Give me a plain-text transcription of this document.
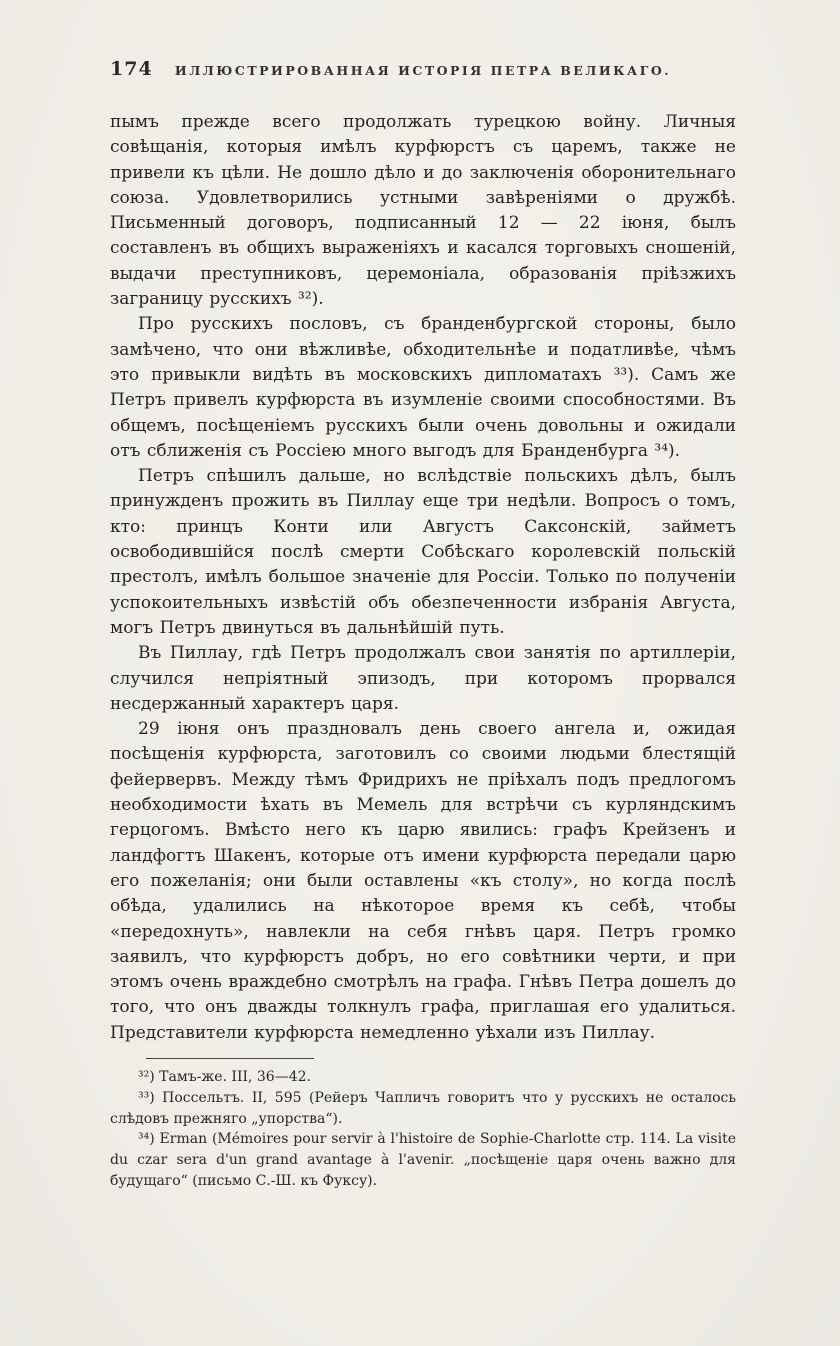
174	ИЛЛЮСТРИРОВАННАЯ ИСТОРІЯ ПЕТРА ВЕЛИКАГО.

пымъ прежде всего продолжать турецкою войну. Личныя совѣщанія, которыя имѣлъ курфюрстъ съ царемъ, также не привели къ цѣли. Не дошло дѣло и до заключенія оборонительнаго союза. Удовлетворились устными завѣреніями о дружбѣ. Письменный договоръ, подписанный 12 — 22 іюня, былъ составленъ въ общихъ выраженіяхъ и касался торговыхъ сношеній, выдачи преступниковъ, церемоніала, образованія пріѣзжихъ заграницу русскихъ ³²).

Про русскихъ пословъ, съ бранденбургской стороны, было замѣчено, что они вѣжливѣе, обходительнѣе и податливѣе, чѣмъ это привыкли видѣть въ московскихъ дипломатахъ ³³). Самъ же Петръ привелъ курфюрста въ изумленіе своими способностями. Въ общемъ, посѣщеніемъ русскихъ были очень довольны и ожидали отъ сближенія съ Россіею много выгодъ для Бранденбурга ³⁴).

Петръ спѣшилъ дальше, но вслѣдствіе польскихъ дѣлъ, былъ принужденъ прожить въ Пиллау еще три недѣли. Вопросъ о томъ, кто: принцъ Конти или Августъ Саксонскій, займетъ освободившійся послѣ смерти Собѣскаго королевскій польскій престолъ, имѣлъ большое значеніе для Россіи. Только по полученіи успокоительныхъ извѣстій объ обезпеченности избранія Августа, могъ Петръ двинуться въ дальнѣйшій путь.

Въ Пиллау, гдѣ Петръ продолжалъ свои занятія по артиллеріи, случился непріятный эпизодъ, при которомъ прорвался несдержанный характеръ царя.

29 іюня онъ праздновалъ день своего ангела и, ожидая посѣщенія курфюрста, заготовилъ со своими людьми блестящій фейервервъ. Между тѣмъ Фридрихъ не пріѣхалъ подъ предлогомъ необходимости ѣхать въ Мемель для встрѣчи съ курляндскимъ герцогомъ. Вмѣсто него къ царю явились: графъ Крейзенъ и ландфогтъ Шакенъ, которые отъ имени курфюрста передали царю его пожеланія; они были оставлены «къ столу», но когда послѣ обѣда, удалились на нѣкоторое время къ себѣ, чтобы «передохнуть», навлекли на себя гнѣвъ царя. Петръ громко заявилъ, что курфюрстъ добръ, но его совѣтники черти, и при этомъ очень враждебно смотрѣлъ на графа. Гнѣвъ Петра дошелъ до того, что онъ дважды толкнулъ графа, приглашая его удалиться. Представители курфюрста немедленно уѣхали изъ Пиллау.

³²) Тамъ-же. III, 36—42.

³³) Поссельтъ. II, 595 (Рейеръ Чапличъ говоритъ что у русскихъ не осталось слѣдовъ прежняго „упорства“).

³⁴) Erman (Mémoires pour servir à l'histoire de Sophie-Charlotte стр. 114. La visite du czar sera d'un grand avantage à l'avenir. „посѣщеніе царя очень важно для будущаго“ (письмо С.-Ш. къ Фуксу).
